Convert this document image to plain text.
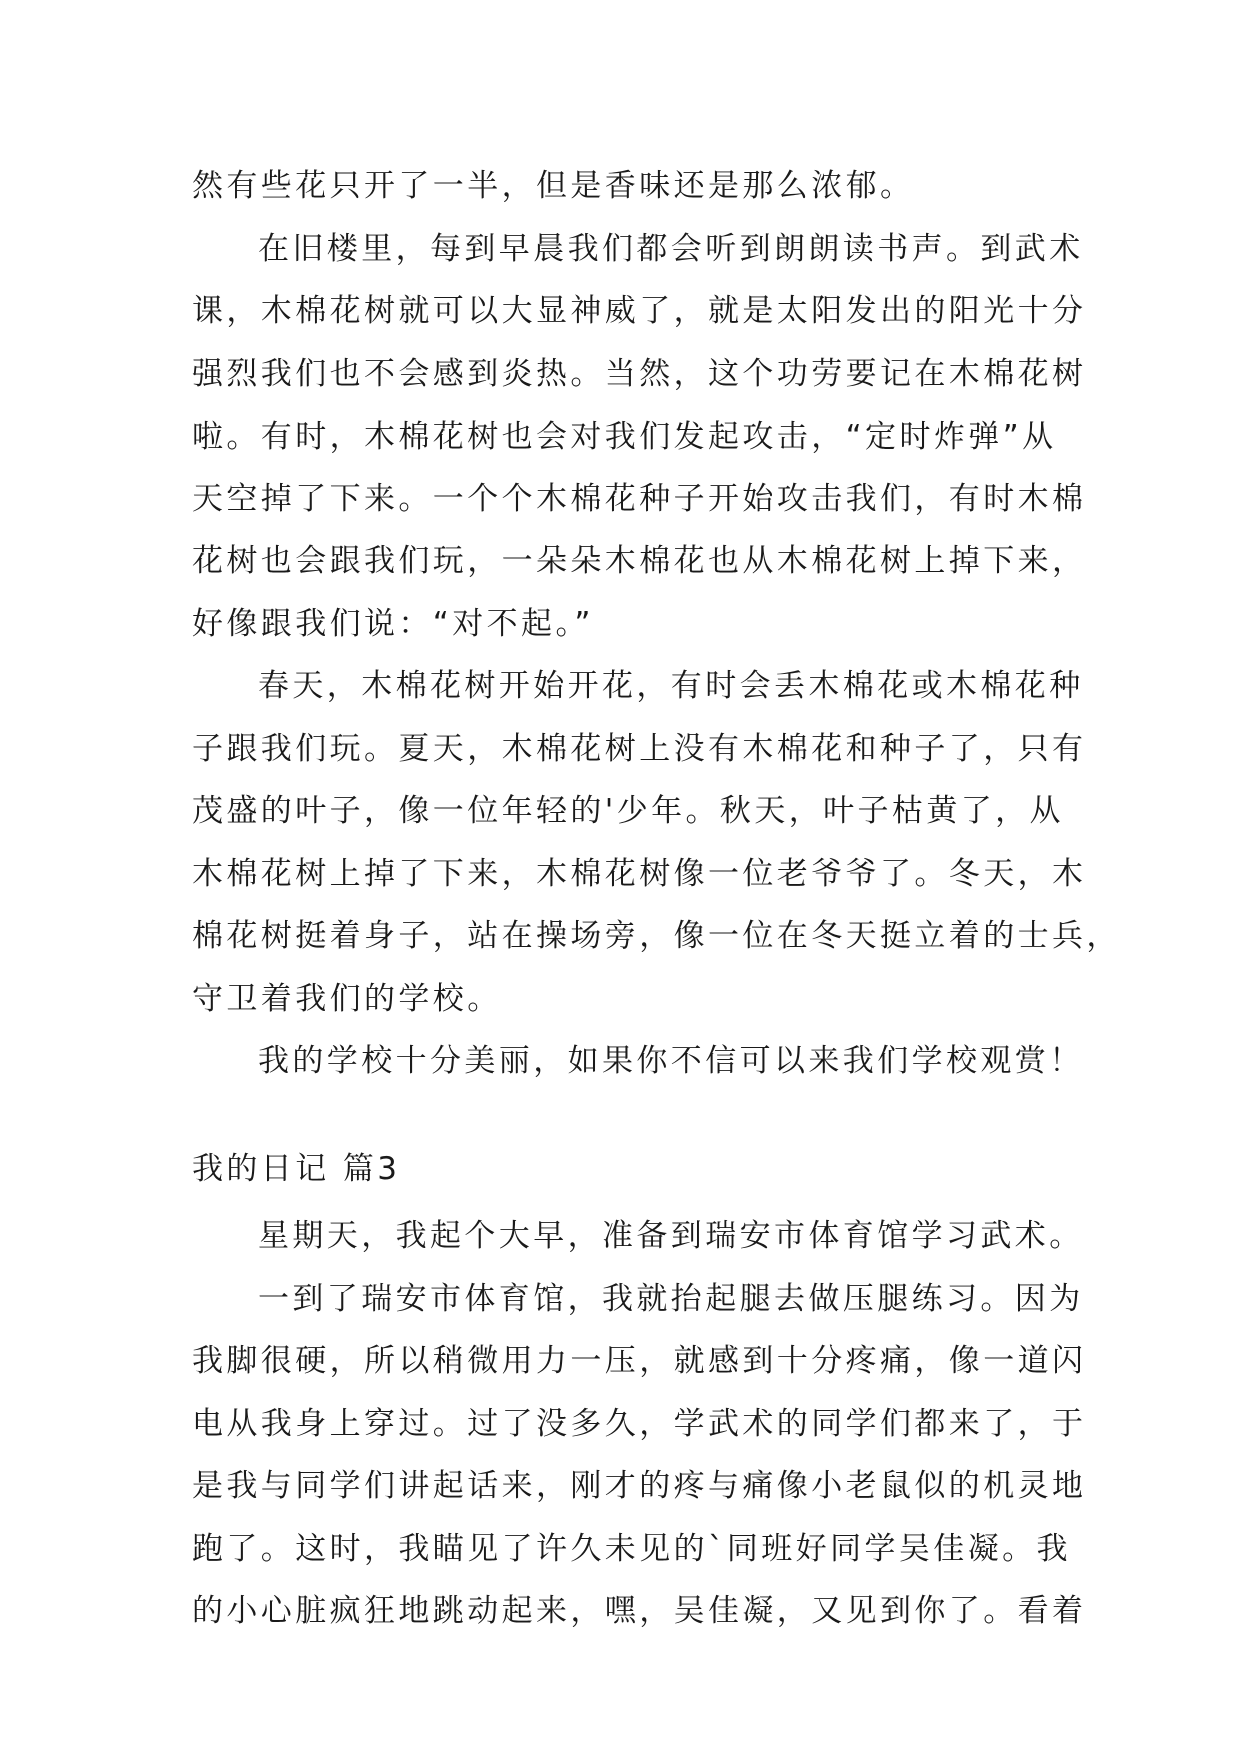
然有些花只开了一半，但是香味还是那么浓郁。
在旧楼里，每到早晨我们都会听到朗朗读书声。到武术
课，木棉花树就可以大显神威了，就是太阳发出的阳光十分
强烈我们也不会感到炎热。当然，这个功劳要记在木棉花树
啦。有时，木棉花树也会对我们发起攻击，“定时炸弹”从
天空掉了下来。一个个木棉花种子开始攻击我们，有时木棉
花树也会跟我们玩，一朵朵木棉花也从木棉花树上掉下来，
好像跟我们说：“对不起。”
春天，木棉花树开始开花，有时会丢木棉花或木棉花种
子跟我们玩。夏天，木棉花树上没有木棉花和种子了，只有
茂盛的叶子，像一位年轻的'少年。秋天，叶子枯黄了，从
木棉花树上掉了下来，木棉花树像一位老爷爷了。冬天，木
棉花树挺着身子，站在操场旁，像一位在冬天挺立着的士兵，
守卫着我们的学校。
我的学校十分美丽，如果你不信可以来我们学校观赏！
我的日记 篇3
星期天，我起个大早，准备到瑞安市体育馆学习武术。
一到了瑞安市体育馆，我就抬起腿去做压腿练习。因为
我脚很硬，所以稍微用力一压，就感到十分疼痛，像一道闪
电从我身上穿过。过了没多久，学武术的同学们都来了，于
是我与同学们讲起话来，刚才的疼与痛像小老鼠似的机灵地
跑了。这时，我瞄见了许久未见的`同班好同学吴佳凝。我
的小心脏疯狂地跳动起来，嘿，吴佳凝，又见到你了。看着
